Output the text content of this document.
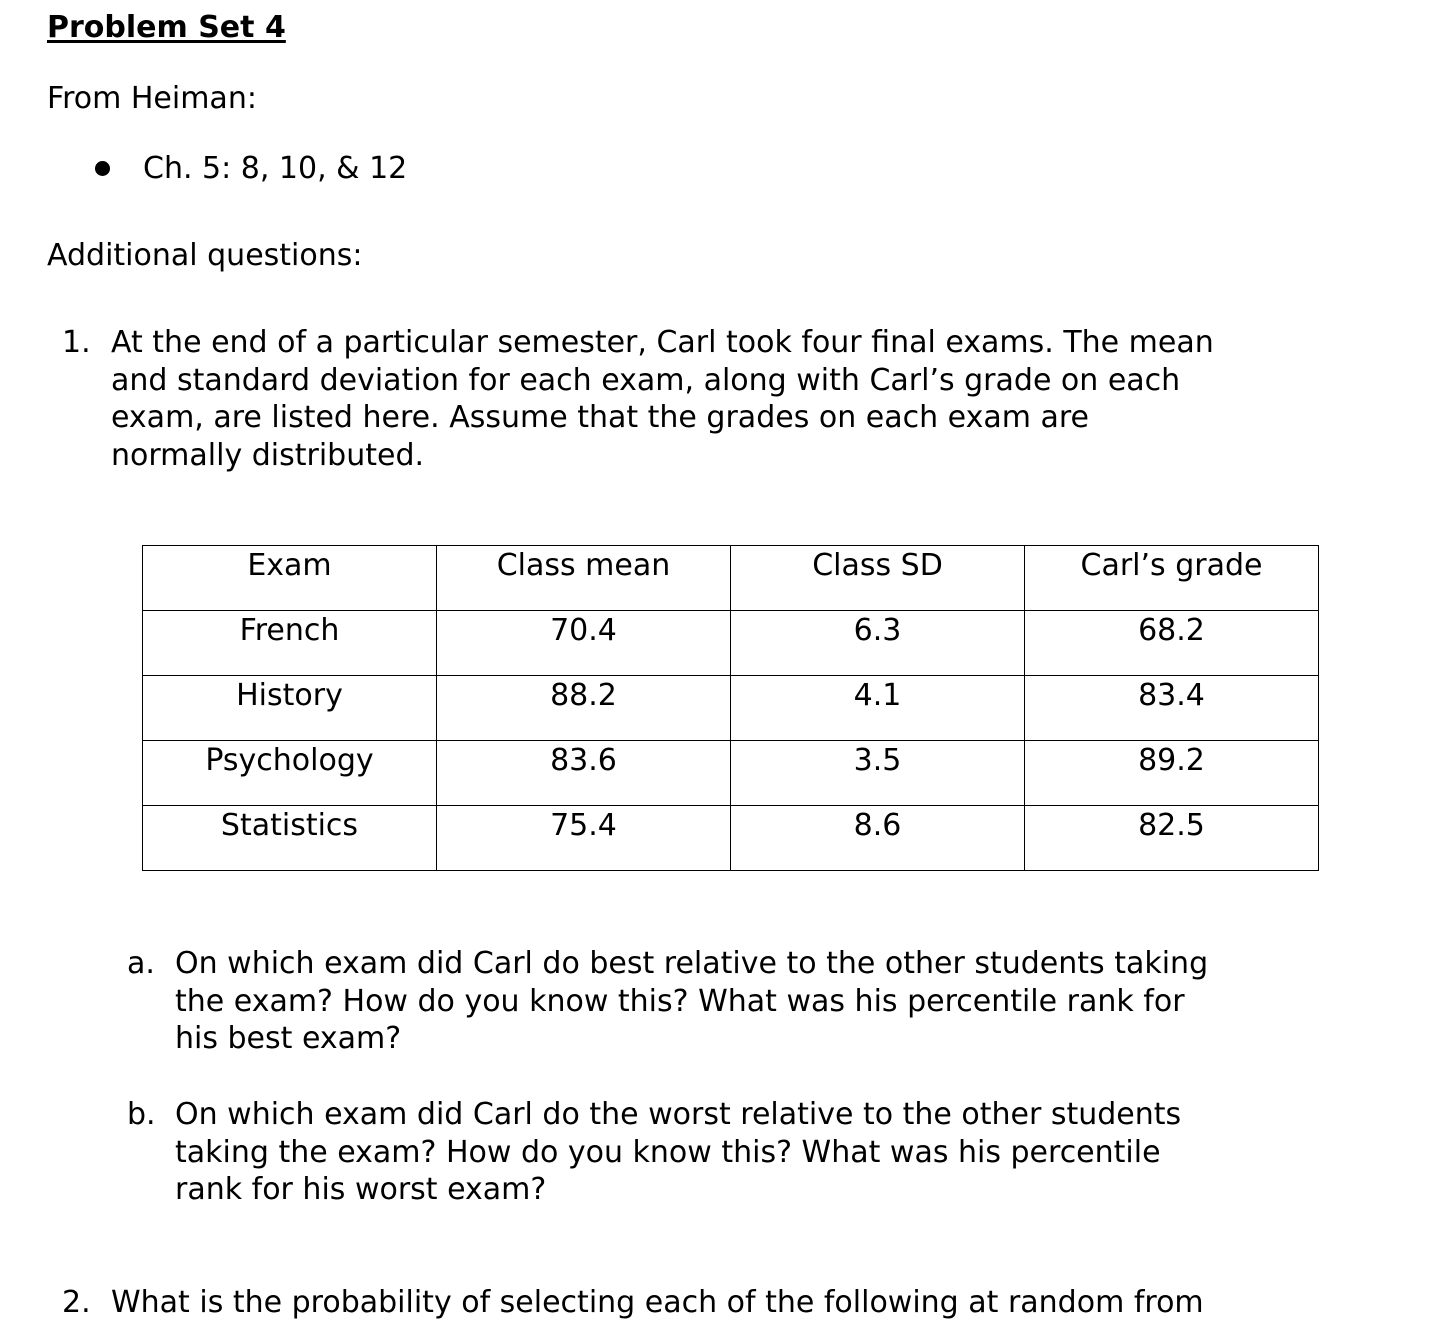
Problem Set 4

From Heiman:

Ch. 5: 8, 10, & 12

Additional questions:

1. At the end of a particular semester, Carl took four final exams. The mean
and standard deviation for each exam, along with Carl’s grade on each
exam, are listed here. Assume that the grades on each exam are
normally distributed.
Exam	Class mean	Class SD	Carl’s grade
French	70.4	6.3	68.2
History	88.2	4.1	83.4
Psychology	83.6	3.5	89.2
Statistics	75.4	8.6	82.5
a. On which exam did Carl do best relative to the other students taking
the exam? How do you know this? What was his percentile rank for
his best exam?
b. On which exam did Carl do the worst relative to the other students
taking the exam? How do you know this? What was his percentile
rank for his worst exam?
2. What is the probability of selecting each of the following at random from
